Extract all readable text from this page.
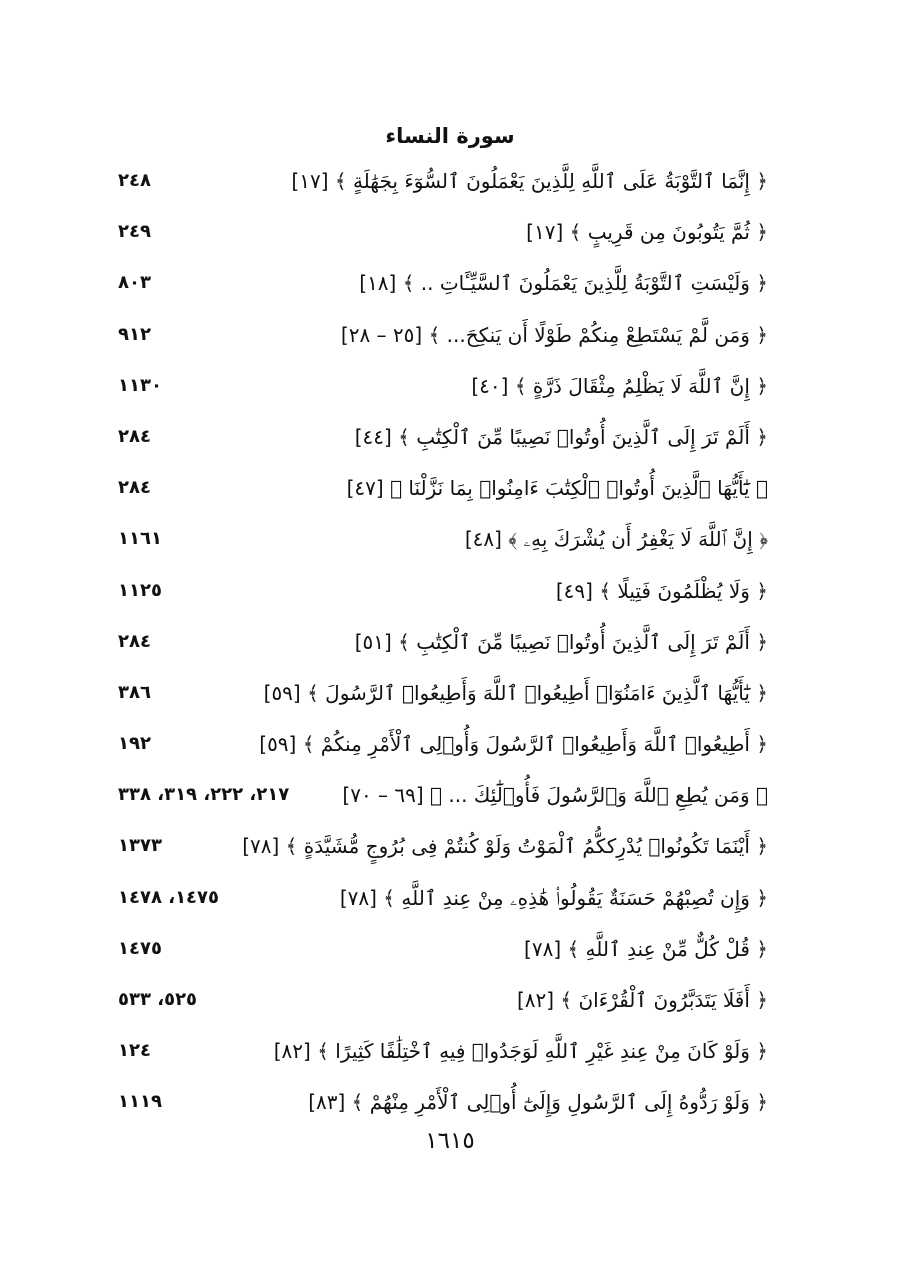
سورة النساء
﴿ إِنَّمَا ٱلتَّوْبَةُ عَلَى ٱللَّهِ لِلَّذِينَ يَعْمَلُونَ ٱلسُّوٓءَ بِجَهَٰلَةٍ ﴾ [١٧]
٢٤٨
﴿ ثُمَّ يَتُوبُونَ مِن قَرِيبٍ ﴾ [١٧]
٢٤٩
﴿ وَلَيْسَتِ ٱلتَّوْبَةُ لِلَّذِينَ يَعْمَلُونَ ٱلسَّيِّـَٔاتِ .. ﴾ [١٨]
٨٠٣
﴿ وَمَن لَّمْ يَسْتَطِعْ مِنكُمْ طَوْلًا أَن يَنكِحَ... ﴾ [٢٥ – ٢٨]
٩١٢
﴿ إِنَّ ٱللَّهَ لَا يَظْلِمُ مِثْقَالَ ذَرَّةٍ ﴾ [٤٠]
١١٣٠
﴿ أَلَمْ تَرَ إِلَى ٱلَّذِينَ أُوتُوا۟ نَصِيبًا مِّنَ ٱلْكِتَٰبِ ﴾ [٤٤]
٢٨٤
﴿ يَٰٓأَيُّهَا ٱلَّذِينَ أُوتُوا۟ ٱلْكِتَٰبَ ءَامِنُوا۟ بِمَا نَزَّلْنَا ﴾ [٤٧]
٢٨٤
﴿ إِنَّ ٱللَّهَ لَا يَغْفِرُ أَن يُشْرَكَ بِهِۦ ﴾ [٤٨]
١١٦١
﴿ وَلَا يُظْلَمُونَ فَتِيلًا ﴾ [٤٩]
١١٢٥
﴿ أَلَمْ تَرَ إِلَى ٱلَّذِينَ أُوتُوا۟ نَصِيبًا مِّنَ ٱلْكِتَٰبِ ﴾ [٥١]
٢٨٤
﴿ يَٰٓأَيُّهَا ٱلَّذِينَ ءَامَنُوٓا۟ أَطِيعُوا۟ ٱللَّهَ وَأَطِيعُوا۟ ٱلرَّسُولَ ﴾ [٥٩]
٣٨٦
﴿ أَطِيعُوا۟ ٱللَّهَ وَأَطِيعُوا۟ ٱلرَّسُولَ وَأُو۟لِى ٱلْأَمْرِ مِنكُمْ ﴾ [٥٩]
١٩٢
﴿ وَمَن يُطِعِ ٱللَّهَ وَٱلرَّسُولَ فَأُو۟لَٰٓئِكَ ... ﴾ [٦٩ – ٧٠]
٢١٧، ٢٢٢، ٣١٩، ٣٣٨
﴿ أَيْنَمَا تَكُونُوا۟ يُدْرِككُّمُ ٱلْمَوْتُ وَلَوْ كُنتُمْ فِى بُرُوجٍ مُّشَيَّدَةٍ ﴾ [٧٨]
١٣٧٣
﴿ وَإِن تُصِبْهُمْ حَسَنَةٌ يَقُولُوا۟ هَٰذِهِۦ مِنْ عِندِ ٱللَّهِ ﴾ [٧٨]
١٤٧٥، ١٤٧٨
﴿ قُلْ كُلٌّ مِّنْ عِندِ ٱللَّهِ ﴾ [٧٨]
١٤٧٥
﴿ أَفَلَا يَتَدَبَّرُونَ ٱلْقُرْءَانَ ﴾ [٨٢]
٥٢٥، ٥٣٣
﴿ وَلَوْ كَانَ مِنْ عِندِ غَيْرِ ٱللَّهِ لَوَجَدُوا۟ فِيهِ ٱخْتِلَٰفًا كَثِيرًا ﴾ [٨٢]
١٢٤
﴿ وَلَوْ رَدُّوهُ إِلَى ٱلرَّسُولِ وَإِلَىٰٓ أُو۟لِى ٱلْأَمْرِ مِنْهُمْ ﴾ [٨٣]
١١١٩
١٦١٥
